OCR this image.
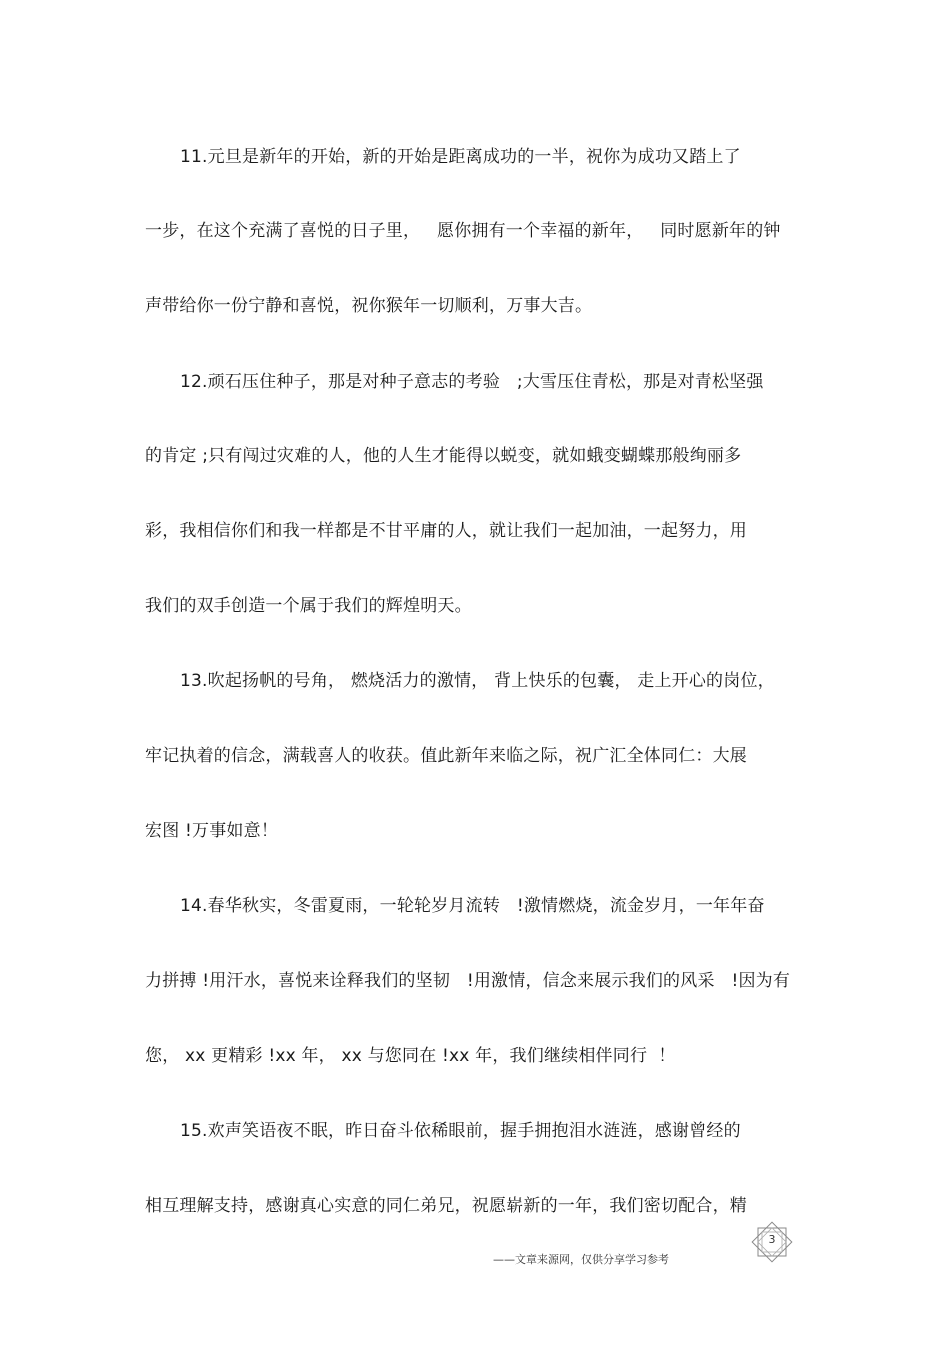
11.元旦是新年的开始，新的开始是距离成功的一半，祝你为成功又踏上了
一步，在这个充满了喜悦的日子里，   愿你拥有一个幸福的新年，   同时愿新年的钟
声带给你一份宁静和喜悦，祝你猴年一切顺利，万事大吉。
12.顽石压住种子，那是对种子意志的考验   ;大雪压住青松，那是对青松坚强
的肯定 ;只有闯过灾难的人，他的人生才能得以蜕变，就如蛾变蝴蝶那般绚丽多
彩，我相信你们和我一样都是不甘平庸的人，就让我们一起加油，一起努力，用
我们的双手创造一个属于我们的辉煌明天。
13.吹起扬帆的号角， 燃烧活力的激情， 背上快乐的包囊， 走上开心的岗位，
牢记执着的信念，满载喜人的收获。值此新年来临之际，祝广汇全体同仁：大展
宏图 !万事如意！
14.春华秋实，冬雷夏雨，一轮轮岁月流转   !激情燃烧，流金岁月，一年年奋
力拼搏 !用汗水，喜悦来诠释我们的坚韧   !用激情，信念来展示我们的风采   !因为有
您， xx 更精彩 !xx 年， xx 与您同在 !xx 年，我们继续相伴同行  ！
15.欢声笑语夜不眠，昨日奋斗依稀眼前，握手拥抱泪水涟涟，感谢曾经的
相互理解支持，感谢真心实意的同仁弟兄，祝愿崭新的一年，我们密切配合，精
3
——文章来源网，仅供分享学习参考
